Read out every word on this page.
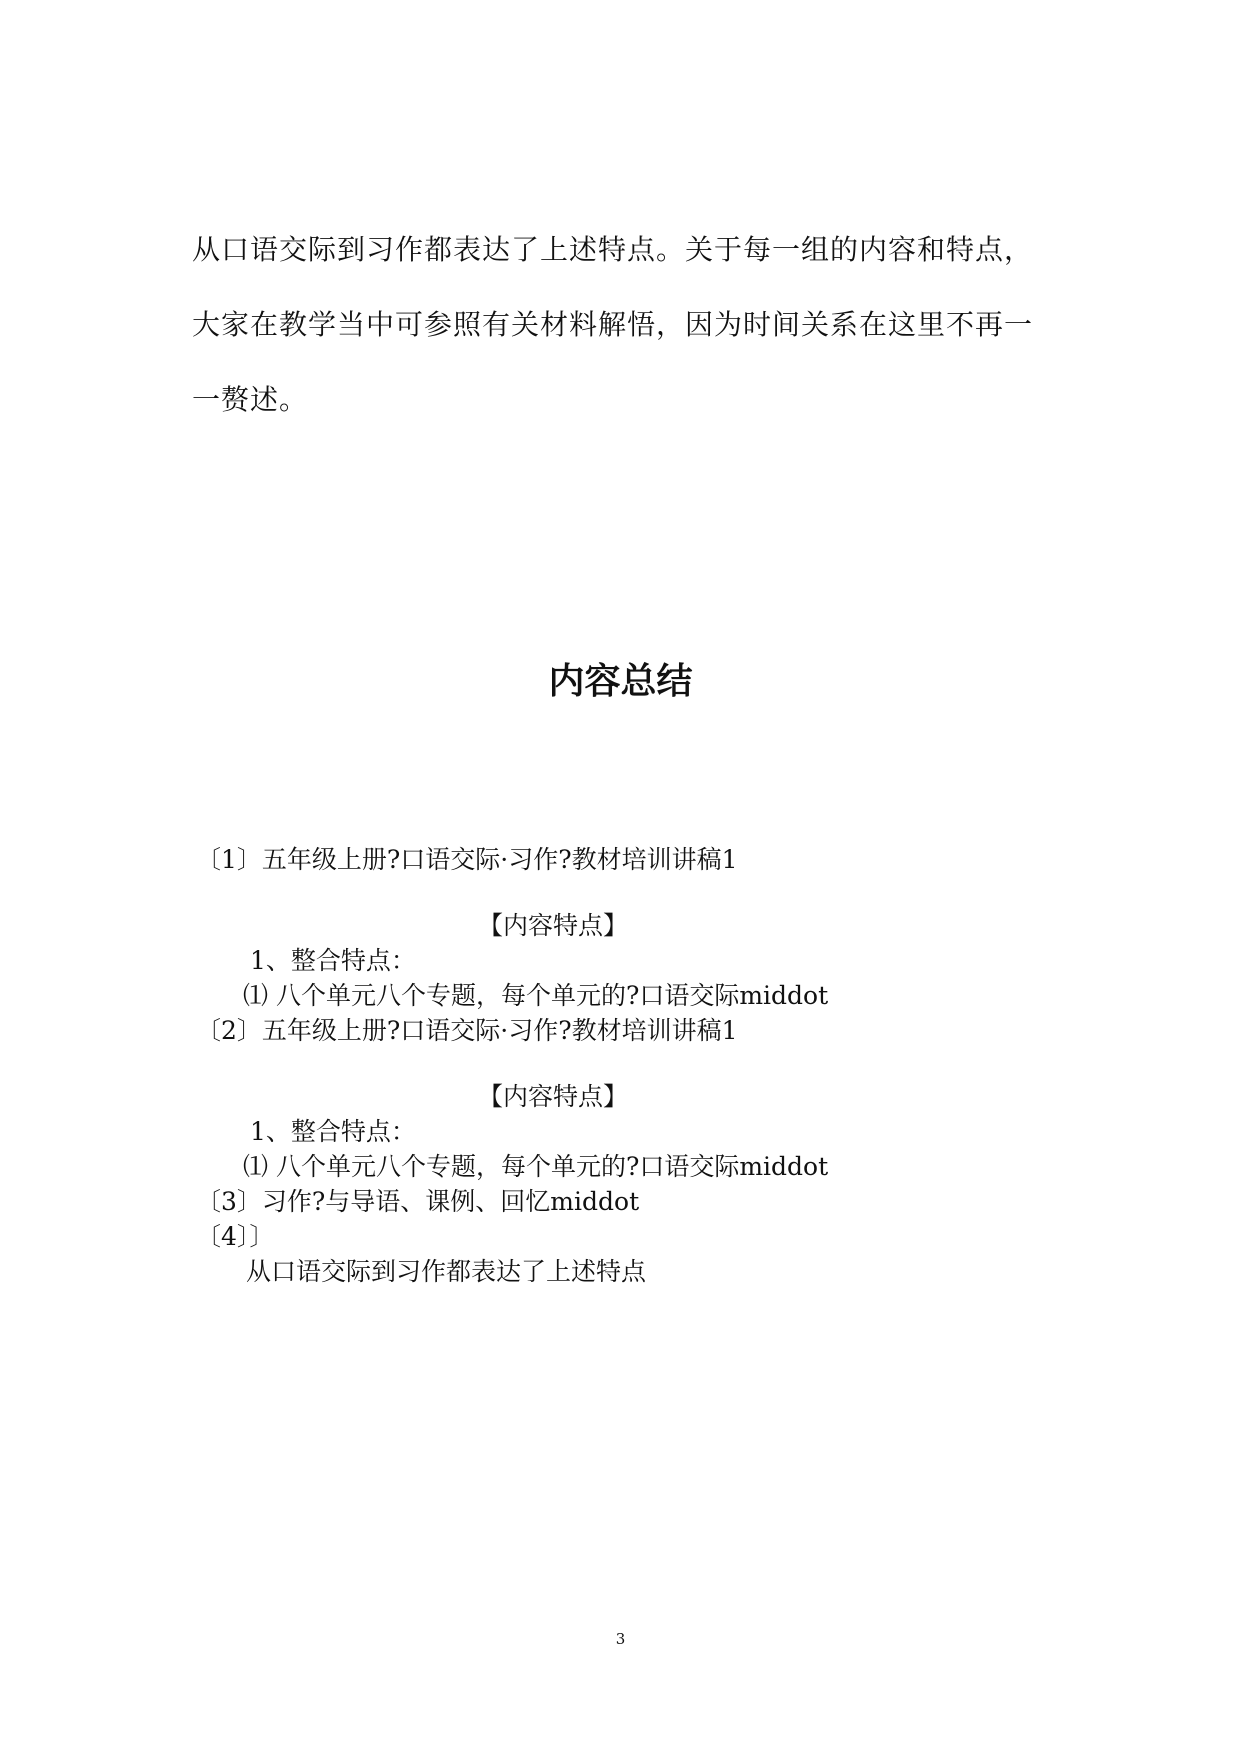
从口语交际到习作都表达了上述特点。关于每一组的内容和特点，
大家在教学当中可参照有关材料解悟，因为时间关系在这里不再一
一赘述。
内容总结
〔1〕五年级上册?口语交际·习作?教材培训讲稿1
【内容特点】
1、整合特点：
⑴ 八个单元八个专题，每个单元的?口语交际middot
〔2〕五年级上册?口语交际·习作?教材培训讲稿1
【内容特点】
1、整合特点：
⑴ 八个单元八个专题，每个单元的?口语交际middot
〔3〕习作?与导语、课例、回忆middot
〔4〕〕
从口语交际到习作都表达了上述特点
3
